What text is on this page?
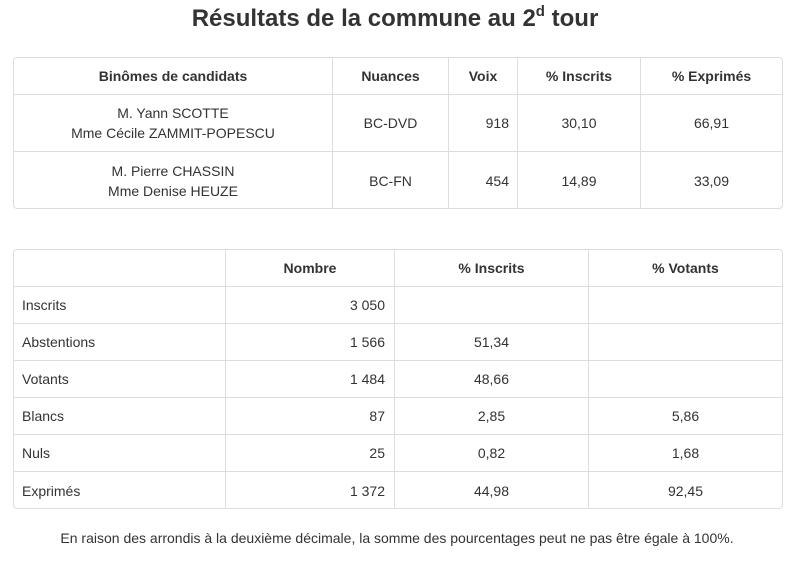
Résultats de la commune au 2$^d$ tour
Binômes de candidats	Nuances	Voix	% Inscrits	% Exprimés

M. Yann SCOTTE
Mme Cécile ZAMMIT-POPESCU	BC-DVD	918	30,10	66,91

M. Pierre CHASSIN
Mme Denise HEUZE	BC-FN	454	14,89	33,09
	Nombre	% Inscrits	% Votants
Inscrits	3 050		
Abstentions	1 566	51,34	
Votants	1 484	48,66	
Blancs	87	2,85	5,86
Nuls	25	0,82	1,68
Exprimés	1 372	44,98	92,45

En raison des arrondis à la deuxième décimale, la somme des pourcentages peut ne pas être égale à 100%.
